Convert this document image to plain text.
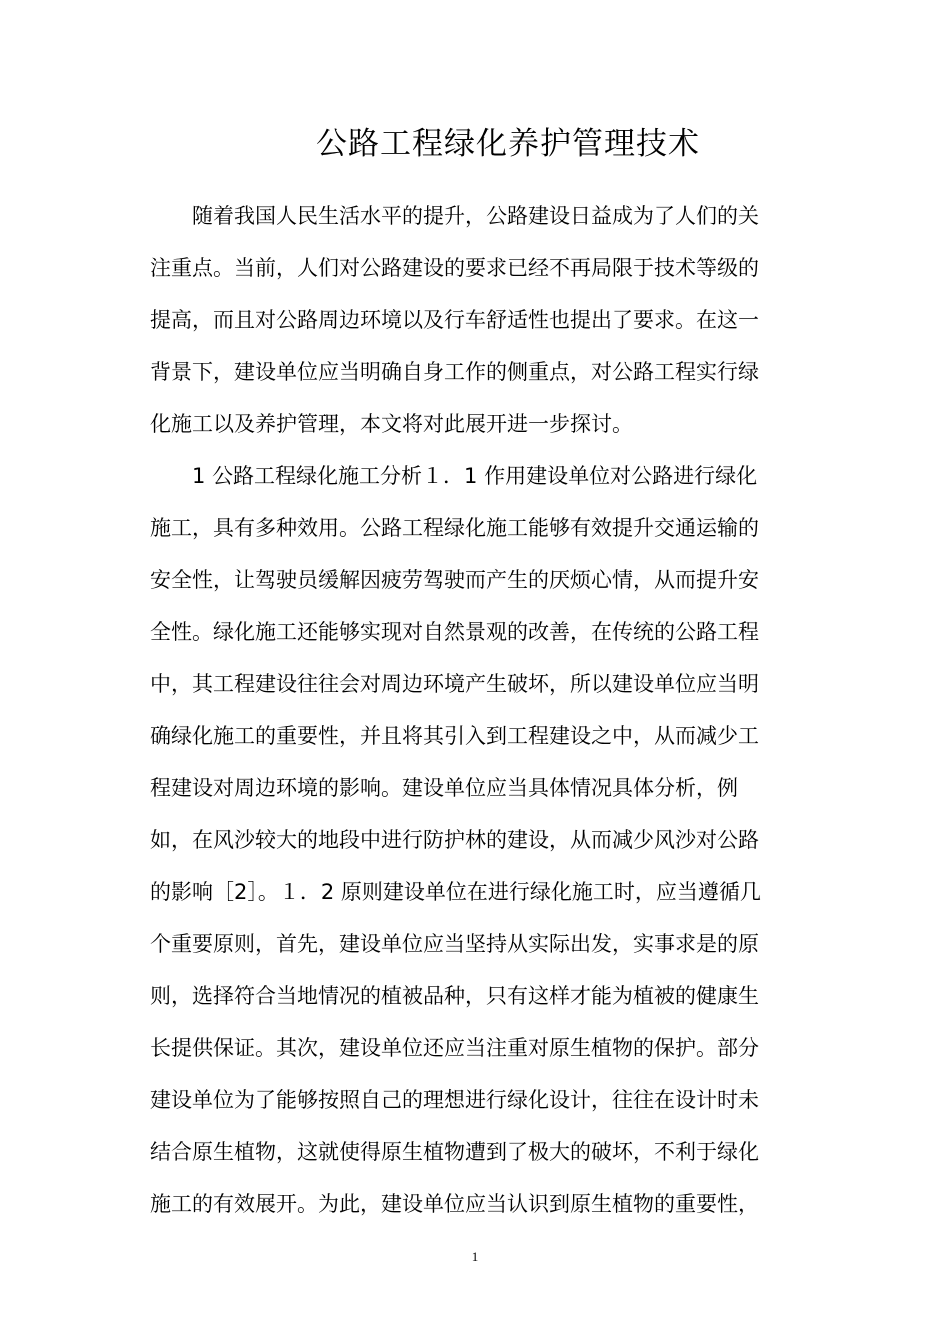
公路工程绿化养护管理技术
随着我国人民生活水平的提升，公路建设日益成为了人们的关
注重点。当前，人们对公路建设的要求已经不再局限于技术等级的
提高，而且对公路周边环境以及行车舒适性也提出了要求。在这一
背景下，建设单位应当明确自身工作的侧重点，对公路工程实行绿
化施工以及养护管理，本文将对此展开进一步探讨。
1 公路工程绿化施工分析１．1 作用建设单位对公路进行绿化
施工，具有多种效用。公路工程绿化施工能够有效提升交通运输的
安全性，让驾驶员缓解因疲劳驾驶而产生的厌烦心情，从而提升安
全性。绿化施工还能够实现对自然景观的改善，在传统的公路工程
中，其工程建设往往会对周边环境产生破坏，所以建设单位应当明
确绿化施工的重要性，并且将其引入到工程建设之中，从而减少工
程建设对周边环境的影响。建设单位应当具体情况具体分析，例
如，在风沙较大的地段中进行防护林的建设，从而减少风沙对公路
的影响［2］。１．2 原则建设单位在进行绿化施工时，应当遵循几
个重要原则，首先，建设单位应当坚持从实际出发，实事求是的原
则，选择符合当地情况的植被品种，只有这样才能为植被的健康生
长提供保证。其次，建设单位还应当注重对原生植物的保护。部分
建设单位为了能够按照自己的理想进行绿化设计，往往在设计时未
结合原生植物，这就使得原生植物遭到了极大的破坏，不利于绿化
施工的有效展开。为此，建设单位应当认识到原生植物的重要性，
1
